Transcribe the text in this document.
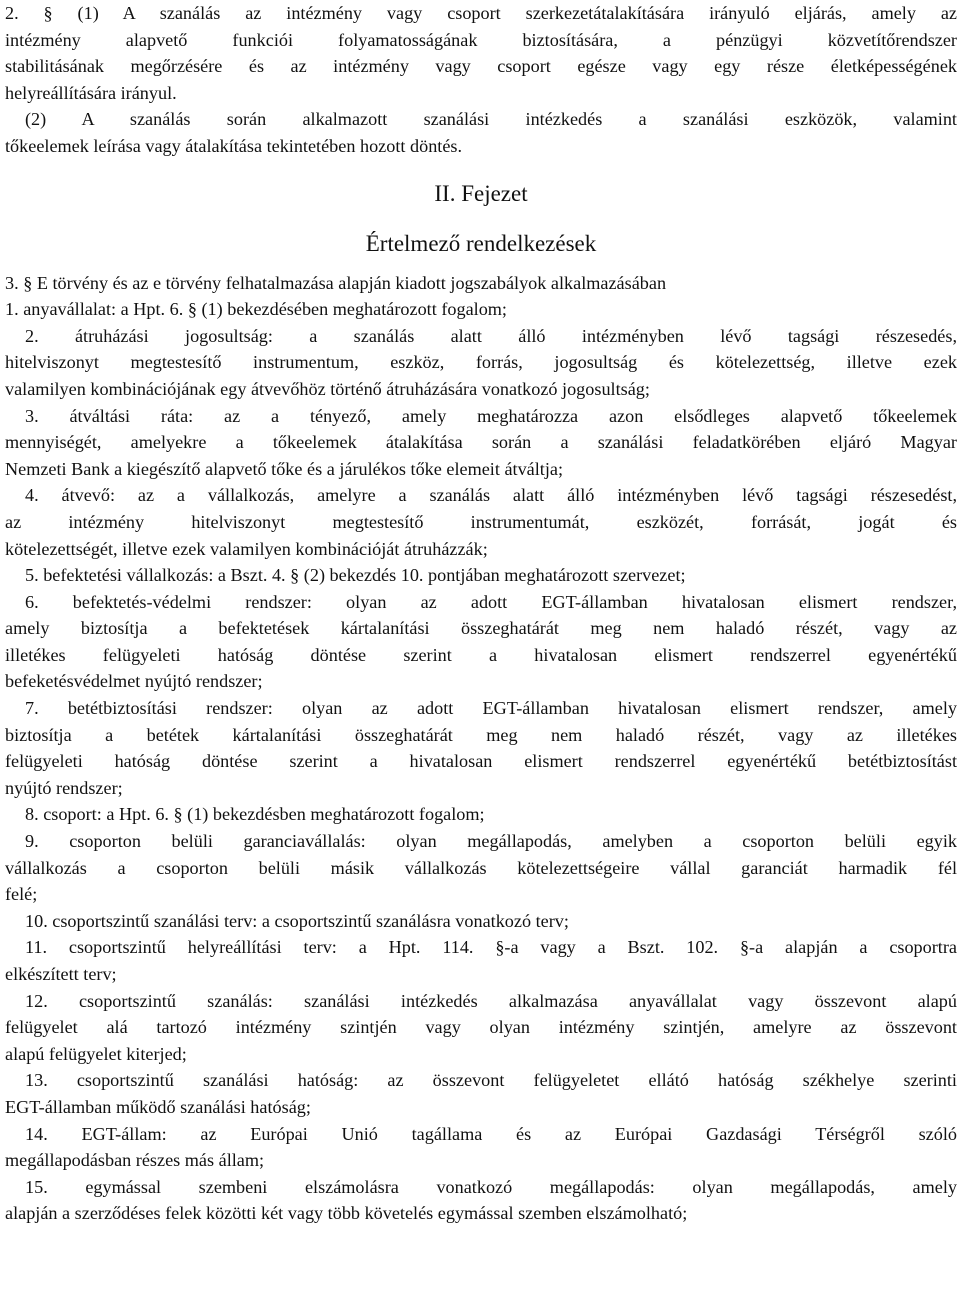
2. § (1) A szanálás az intézmény vagy csoport szerkezetátalakítására irányuló eljárás, amely az
intézmény alapvető funkciói folyamatosságának biztosítására, a pénzügyi közvetítőrendszer
stabilitásának megőrzésére és az intézmény vagy csoport egésze vagy egy része életképességének
helyreállítására irányul.
(2) A szanálás során alkalmazott szanálási intézkedés a szanálási eszközök, valamint
tőkeelemek leírása vagy átalakítása tekintetében hozott döntés.
II. Fejezet
Értelmező rendelkezések
3. § E törvény és az e törvény felhatalmazása alapján kiadott jogszabályok alkalmazásában
1. anyavállalat: a Hpt. 6. § (1) bekezdésében meghatározott fogalom;
2. átruházási jogosultság: a szanálás alatt álló intézményben lévő tagsági részesedés,
hitelviszonyt megtestesítő instrumentum, eszköz, forrás, jogosultság és kötelezettség, illetve ezek
valamilyen kombinációjának egy átvevőhöz történő átruházására vonatkozó jogosultság;
3. átváltási ráta: az a tényező, amely meghatározza azon elsődleges alapvető tőkeelemek
mennyiségét, amelyekre a tőkeelemek átalakítása során a szanálási feladatkörében eljáró Magyar
Nemzeti Bank a kiegészítő alapvető tőke és a járulékos tőke elemeit átváltja;
4. átvevő: az a vállalkozás, amelyre a szanálás alatt álló intézményben lévő tagsági részesedést,
az intézmény hitelviszonyt megtestesítő instrumentumát, eszközét, forrását, jogát és
kötelezettségét, illetve ezek valamilyen kombinációját átruházzák;
5. befektetési vállalkozás: a Bszt. 4. § (2) bekezdés 10. pontjában meghatározott szervezet;
6. befektetés-védelmi rendszer: olyan az adott EGT-államban hivatalosan elismert rendszer,
amely biztosítja a befektetések kártalanítási összeghatárát meg nem haladó részét, vagy az
illetékes felügyeleti hatóság döntése szerint a hivatalosan elismert rendszerrel egyenértékű
befeketésvédelmet nyújtó rendszer;
7. betétbiztosítási rendszer: olyan az adott EGT-államban hivatalosan elismert rendszer, amely
biztosítja a betétek kártalanítási összeghatárát meg nem haladó részét, vagy az illetékes
felügyeleti hatóság döntése szerint a hivatalosan elismert rendszerrel egyenértékű betétbiztosítást
nyújtó rendszer;
8. csoport: a Hpt. 6. § (1) bekezdésben meghatározott fogalom;
9. csoporton belüli garanciavállalás: olyan megállapodás, amelyben a csoporton belüli egyik
vállalkozás a csoporton belüli másik vállalkozás kötelezettségeire vállal garanciát harmadik fél
felé;
10. csoportszintű szanálási terv: a csoportszintű szanálásra vonatkozó terv;
11. csoportszintű helyreállítási terv: a Hpt. 114. §-a vagy a Bszt. 102. §-a alapján a csoportra
elkészített terv;
12. csoportszintű szanálás: szanálási intézkedés alkalmazása anyavállalat vagy összevont alapú
felügyelet alá tartozó intézmény szintjén vagy olyan intézmény szintjén, amelyre az összevont
alapú felügyelet kiterjed;
13. csoportszintű szanálási hatóság: az összevont felügyeletet ellátó hatóság székhelye szerinti
EGT-államban működő szanálási hatóság;
14. EGT-állam: az Európai Unió tagállama és az Európai Gazdasági Térségről szóló
megállapodásban részes más állam;
15. egymással szembeni elszámolásra vonatkozó megállapodás: olyan megállapodás, amely
alapján a szerződéses felek közötti két vagy több követelés egymással szemben elszámolható;
